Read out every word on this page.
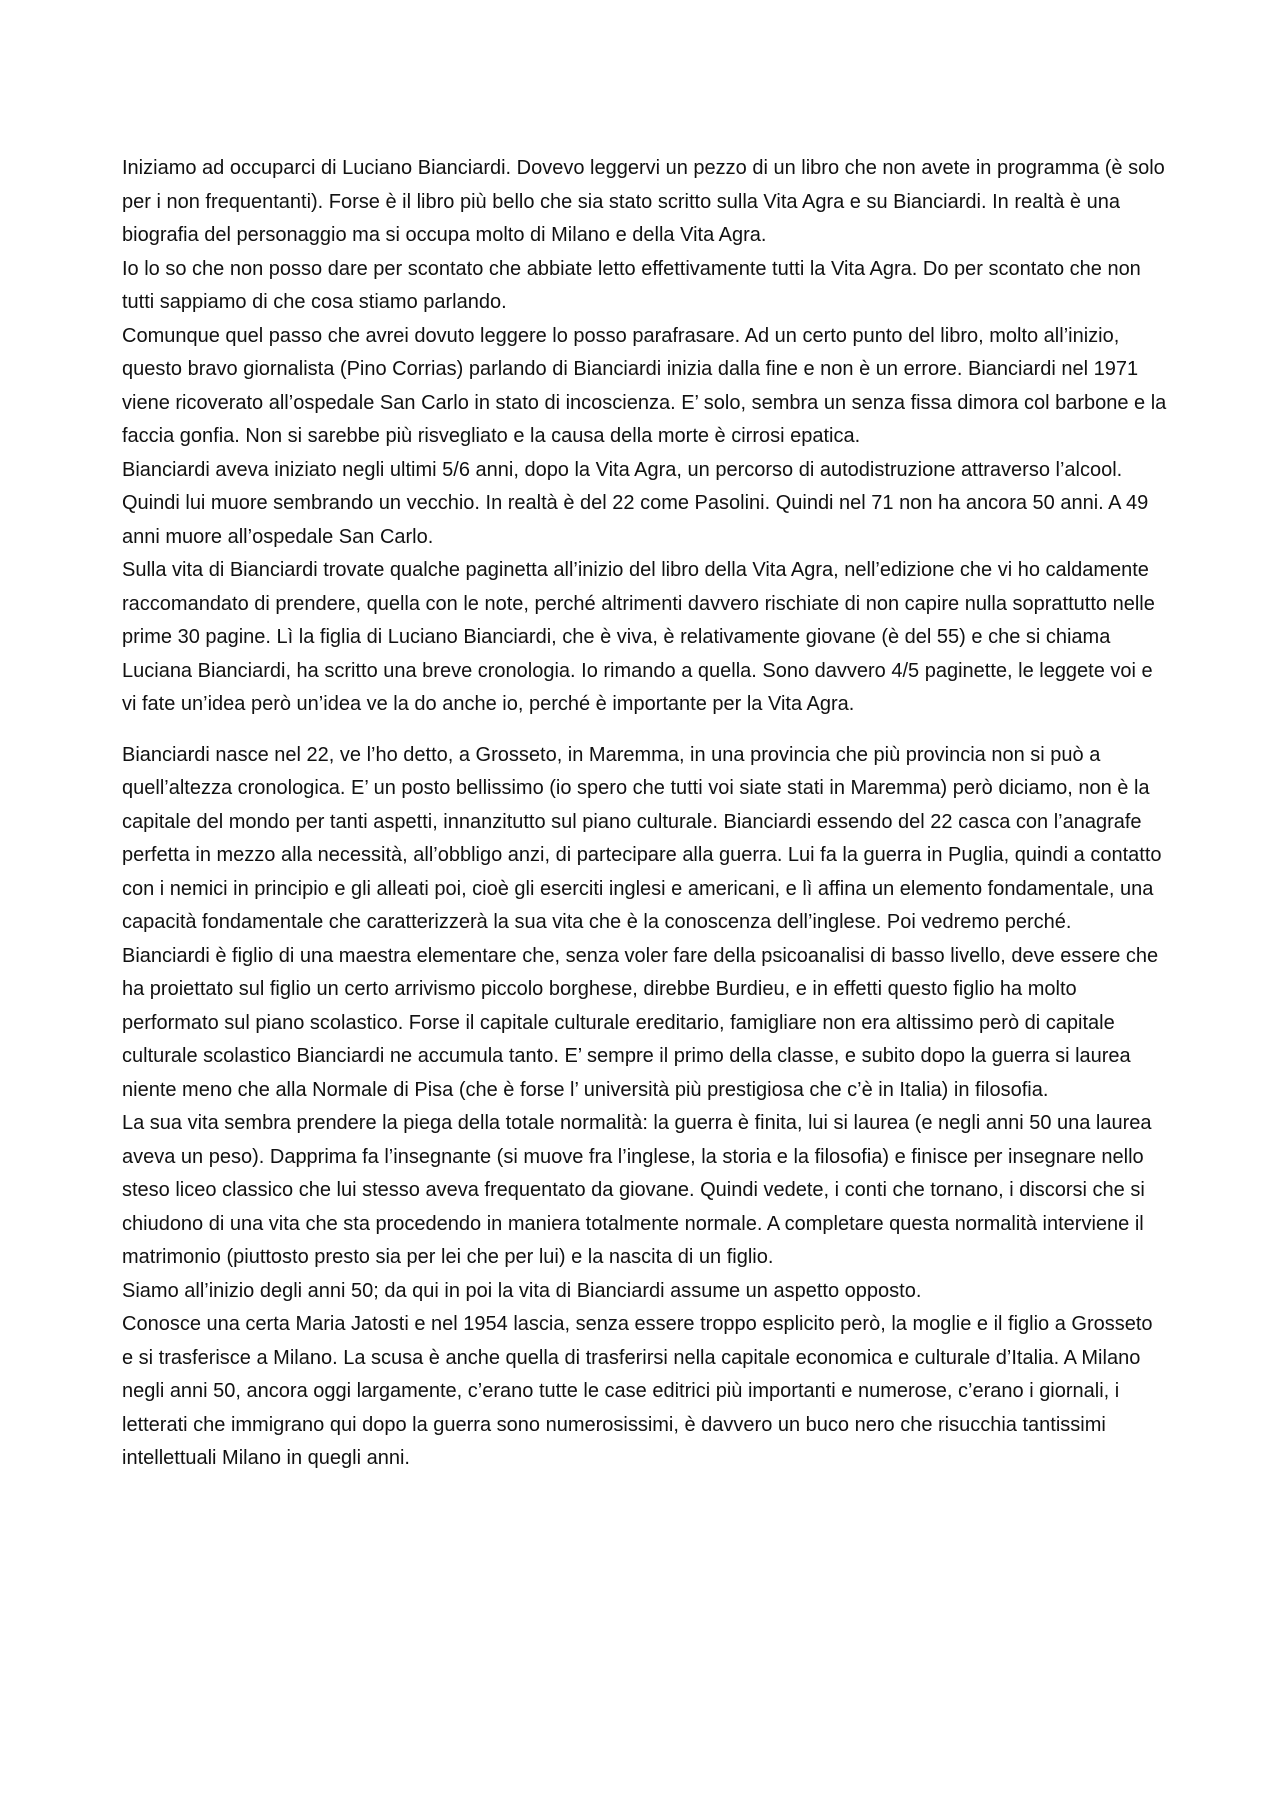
Iniziamo ad occuparci di Luciano Bianciardi. Dovevo leggervi un pezzo di un libro che non avete in programma (è solo per i non frequentanti). Forse è il libro più bello che sia stato scritto sulla Vita Agra e su Bianciardi. In realtà è una biografia del personaggio ma si occupa molto di Milano e della Vita Agra.

Io lo so che non posso dare per scontato che abbiate letto effettivamente tutti la Vita Agra. Do per scontato che non tutti sappiamo di che cosa stiamo parlando.

Comunque quel passo che avrei dovuto leggere lo posso parafrasare. Ad un certo punto del libro, molto all’inizio, questo bravo giornalista (Pino Corrias) parlando di Bianciardi inizia dalla fine e non è un errore. Bianciardi nel 1971 viene ricoverato all’ospedale San Carlo in stato di incoscienza. E’ solo, sembra un senza fissa dimora col barbone e la faccia gonfia. Non si sarebbe più risvegliato e la causa della morte è cirrosi epatica.

Bianciardi aveva iniziato negli ultimi 5/6 anni, dopo la Vita Agra, un percorso di autodistruzione attraverso l’alcool. Quindi lui muore sembrando un vecchio. In realtà è del 22 come Pasolini. Quindi nel 71 non ha ancora 50 anni. A 49 anni muore all’ospedale San Carlo.

Sulla vita di Bianciardi trovate qualche paginetta all’inizio del libro della Vita Agra, nell’edizione che vi ho caldamente raccomandato di prendere, quella con le note, perché altrimenti davvero rischiate di non capire nulla soprattutto nelle prime 30 pagine. Lì la figlia di Luciano Bianciardi, che è viva, è relativamente giovane (è del 55) e che si chiama Luciana Bianciardi, ha scritto una breve cronologia. Io rimando a quella. Sono davvero 4/5 paginette, le leggete voi e vi fate un’idea però un’idea ve la do anche io, perché è importante per la Vita Agra.

Bianciardi nasce nel 22, ve l’ho detto, a Grosseto, in Maremma, in una provincia che più provincia non si può a quell’altezza cronologica. E’ un posto bellissimo (io spero che tutti voi siate stati in Maremma) però diciamo, non è la capitale del mondo per tanti aspetti, innanzitutto sul piano culturale. Bianciardi essendo del 22 casca con l’anagrafe perfetta in mezzo alla necessità, all’obbligo anzi, di partecipare alla guerra. Lui fa la guerra in Puglia, quindi a contatto con i nemici in principio e gli alleati poi, cioè gli eserciti inglesi e americani, e lì affina un elemento fondamentale, una capacità fondamentale che caratterizzerà la sua vita che è la conoscenza dell’inglese. Poi vedremo perché.

Bianciardi è figlio di una maestra elementare che, senza voler fare della psicoanalisi di basso livello, deve essere che ha proiettato sul figlio un certo arrivismo piccolo borghese, direbbe Burdieu, e in effetti questo figlio ha molto performato sul piano scolastico. Forse il capitale culturale ereditario, famigliare non era altissimo però di capitale culturale scolastico Bianciardi ne accumula tanto. E’ sempre il primo della classe, e subito dopo la guerra si laurea niente meno che alla Normale di Pisa (che è forse l’ università più prestigiosa che c’è in Italia) in filosofia.

La sua vita sembra prendere la piega della totale normalità: la guerra è finita, lui si laurea (e negli anni 50 una laurea aveva un peso). Dapprima fa l’insegnante (si muove fra l’inglese, la storia e la filosofia) e finisce per insegnare nello steso liceo classico che lui stesso aveva frequentato da giovane. Quindi vedete, i conti che tornano, i discorsi che si chiudono di una vita che sta procedendo in maniera totalmente normale. A completare questa normalità interviene il matrimonio (piuttosto presto sia per lei che per lui) e la nascita di un figlio.

Siamo all’inizio degli anni 50; da qui in poi la vita di Bianciardi assume un aspetto opposto.

Conosce una certa Maria Jatosti e nel 1954 lascia, senza essere troppo esplicito però, la moglie e il figlio a Grosseto e si trasferisce a Milano. La scusa è anche quella di trasferirsi nella capitale economica e culturale d’Italia. A Milano negli anni 50, ancora oggi largamente, c’erano tutte le case editrici più importanti e numerose, c’erano i giornali, i letterati che immigrano qui dopo la guerra sono numerosissimi, è davvero un buco nero che risucchia tantissimi intellettuali Milano in quegli anni.
